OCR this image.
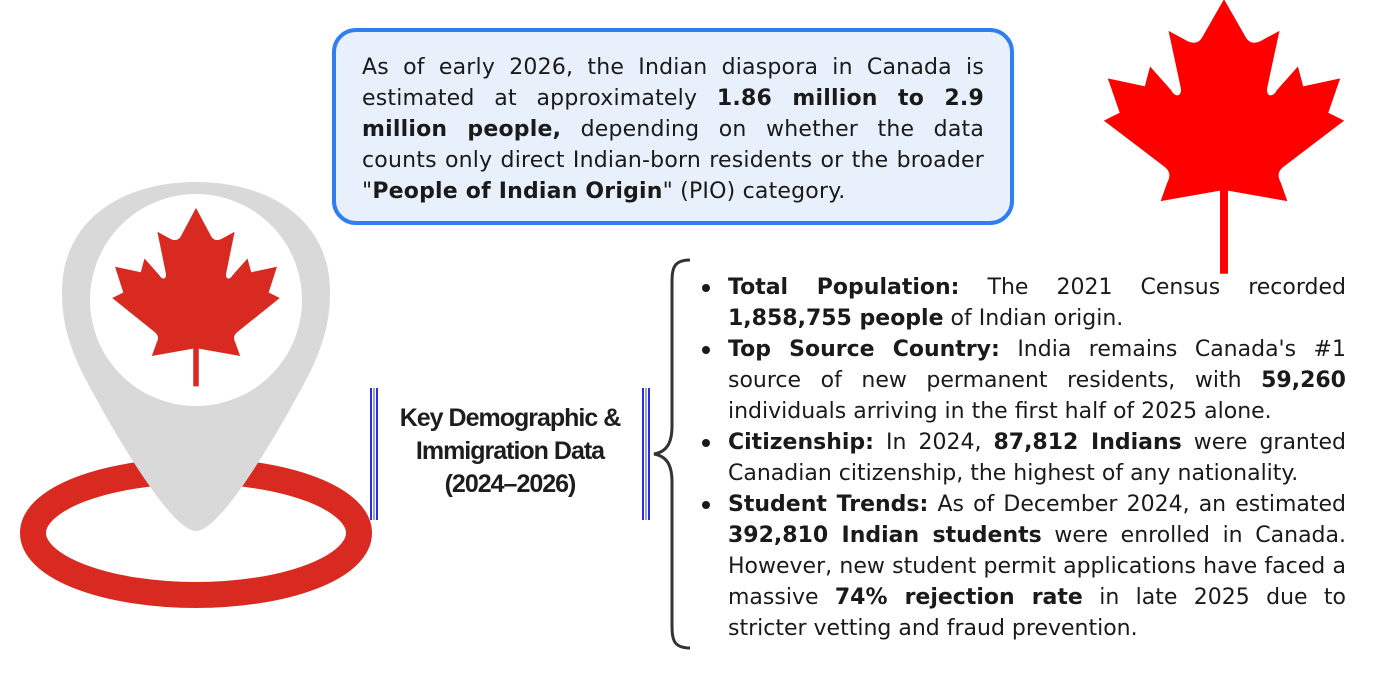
As of early 2026, the Indian diaspora in Canada is estimated at approximately 1.86 million to 2.9 million people, depending on whether the data counts only direct Indian-born residents or the broader "People of Indian Origin" (PIO) category.
Key Demographic &
Immigration Data
(2024–2026)
Total Population: The 2021 Census recorded 1,858,755 people of Indian origin.
Top Source Country: India remains Canada's #1 source of new permanent residents, with 59,260 individuals arriving in the first half of 2025 alone.
Citizenship: In 2024, 87,812 Indians were granted Canadian citizenship, the highest of any nationality.
Student Trends: As of December 2024, an estimated 392,810 Indian students were enrolled in Canada. However, new student permit applications have faced a massive 74% rejection rate in late 2025 due to stricter vetting and fraud prevention.
